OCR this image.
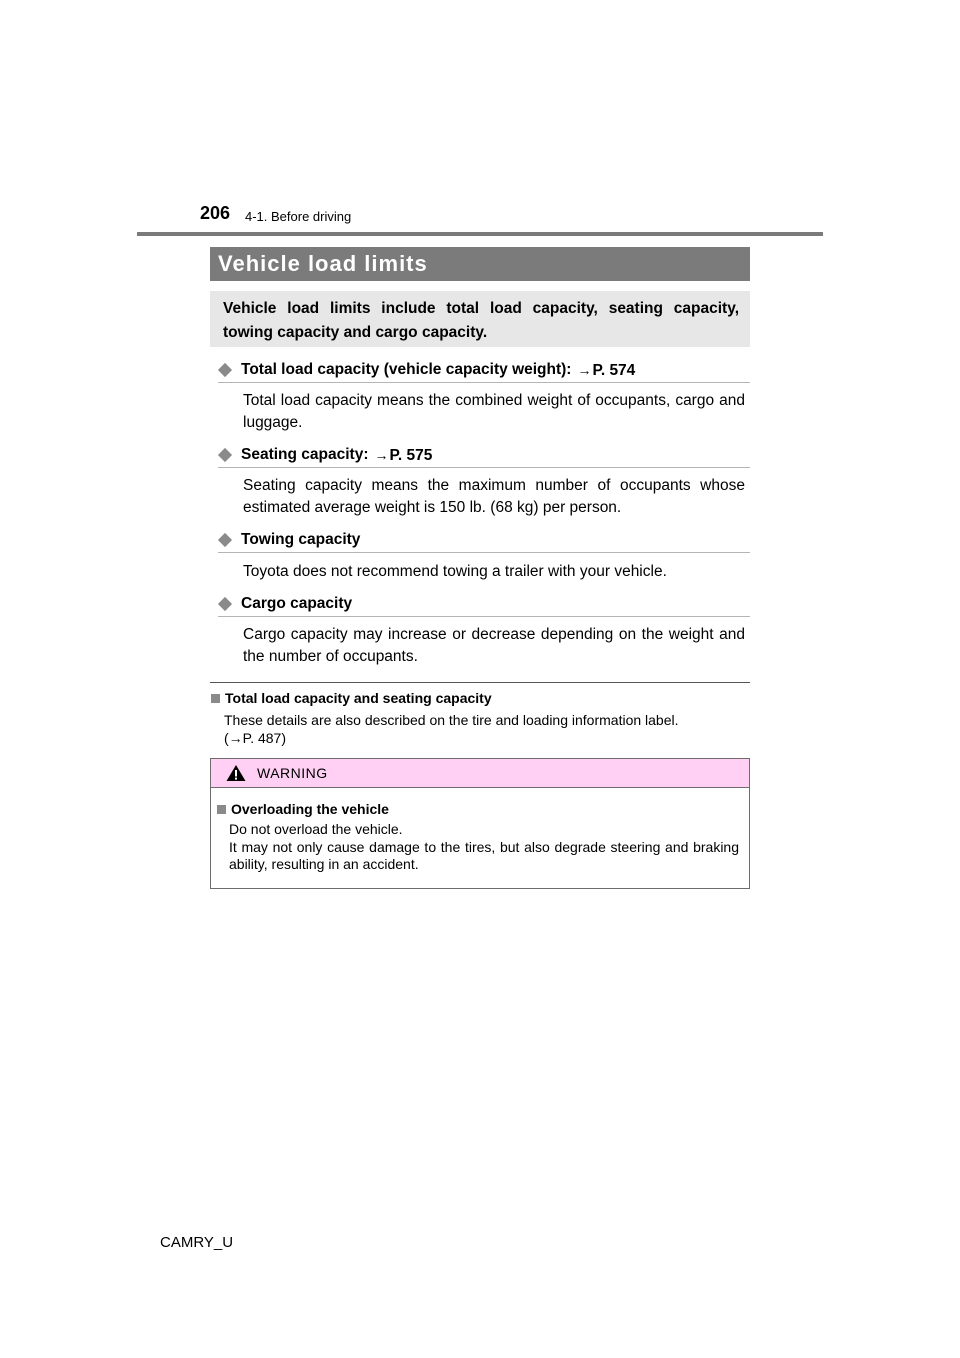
206 4-1. Before driving
Vehicle load limits
Vehicle load limits include total load capacity, seating capacity, towing capacity and cargo capacity.
Total load capacity (vehicle capacity weight): →P. 574
Total load capacity means the combined weight of occupants, cargo and luggage.
Seating capacity: →P. 575
Seating capacity means the maximum number of occupants whose estimated average weight is 150 lb. (68 kg) per person.
Towing capacity
Toyota does not recommend towing a trailer with your vehicle.
Cargo capacity
Cargo capacity may increase or decrease depending on the weight and the number of occupants.
Total load capacity and seating capacity
These details are also described on the tire and loading information label.
(→P. 487)
WARNING
Overloading the vehicle
Do not overload the vehicle.
It may not only cause damage to the tires, but also degrade steering and braking ability, resulting in an accident.
CAMRY_U
